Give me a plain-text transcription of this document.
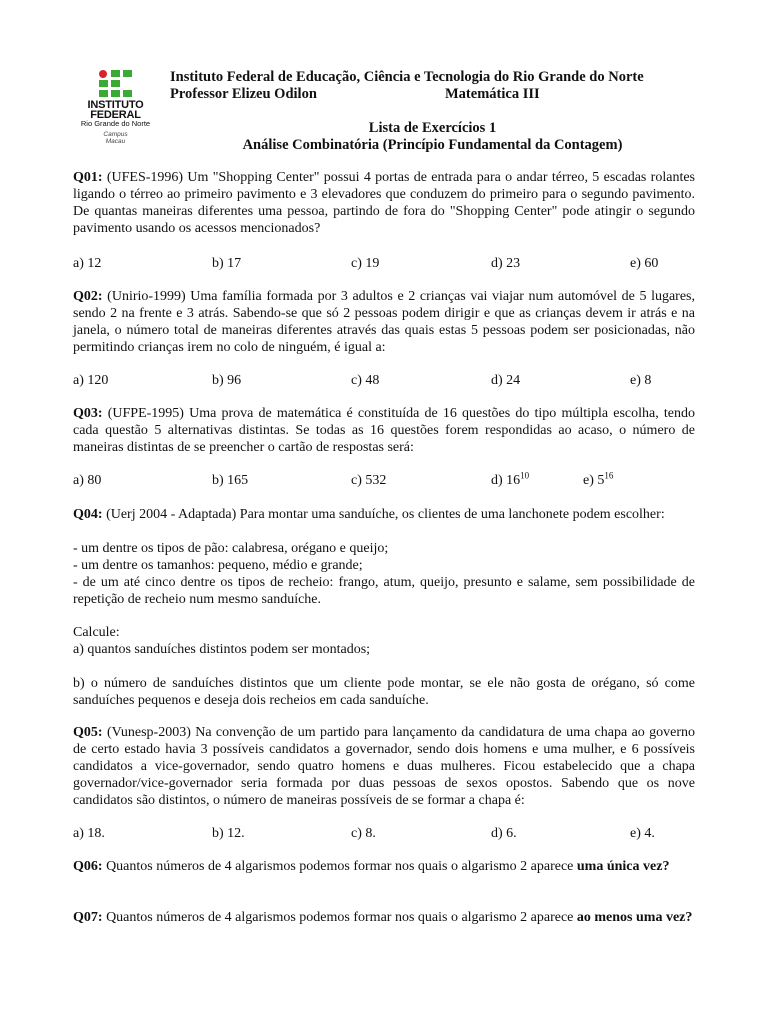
INSTITUTO FEDERAL
Rio Grande do Norte
Campus
Macau
Instituto Federal de Educação, Ciência e Tecnologia do Rio Grande do Norte
Professor Elizeu Odilon	Matemática III
Lista de Exercícios 1
Análise Combinatória (Princípio Fundamental da Contagem)
Q01: (UFES-1996) Um "Shopping Center" possui 4 portas de entrada para o andar térreo, 5 escadas rolantes ligando o térreo ao primeiro pavimento e 3 elevadores que conduzem do primeiro para o segundo pavimento. De quantas maneiras diferentes uma pessoa, partindo de fora do "Shopping Center" pode atingir o segundo pavimento usando os acessos mencionados?
a) 12	b) 17	c) 19	d) 23	e) 60
Q02: (Unirio-1999) Uma família formada por 3 adultos e 2 crianças vai viajar num automóvel de 5 lugares, sendo 2 na frente e 3 atrás. Sabendo-se que só 2 pessoas podem dirigir e que as crianças devem ir atrás e na janela, o número total de maneiras diferentes através das quais estas 5 pessoas podem ser posicionadas, não permitindo crianças irem no colo de ninguém, é igual a:
a) 120	b) 96	c) 48	d) 24	e) 8
Q03: (UFPE-1995) Uma prova de matemática é constituída de 16 questões do tipo múltipla escolha, tendo cada questão 5 alternativas distintas. Se todas as 16 questões forem respondidas ao acaso, o número de maneiras distintas de se preencher o cartão de respostas será:
a) 80	b) 165	c) 532	d) $16^{10}$	e) $5^{16}$
Q04: (Uerj 2004 - Adaptada) Para montar uma sanduíche, os clientes de uma lanchonete podem escolher:
- um dentre os tipos de pão: calabresa, orégano e queijo;
- um dentre os tamanhos: pequeno, médio e grande;
- de um até cinco dentre os tipos de recheio: frango, atum, queijo, presunto e salame, sem possibilidade de repetição de recheio num mesmo sanduíche.
Calcule:
a) quantos sanduíches distintos podem ser montados;
b) o número de sanduíches distintos que um cliente pode montar, se ele não gosta de orégano, só come sanduíches pequenos e deseja dois recheios em cada sanduíche.
Q05: (Vunesp-2003) Na convenção de um partido para lançamento da candidatura de uma chapa ao governo de certo estado havia 3 possíveis candidatos a governador, sendo dois homens e uma mulher, e 6 possíveis candidatos a vice-governador, sendo quatro homens e duas mulheres. Ficou estabelecido que a chapa governador/vice-governador seria formada por duas pessoas de sexos opostos. Sabendo que os nove candidatos são distintos, o número de maneiras possíveis de se formar a chapa é:
a) 18.	b) 12.	c) 8.	d) 6.	e) 4.
Q06: Quantos números de 4 algarismos podemos formar nos quais o algarismo 2 aparece uma única vez?
Q07: Quantos números de 4 algarismos podemos formar nos quais o algarismo 2 aparece ao menos uma vez?
